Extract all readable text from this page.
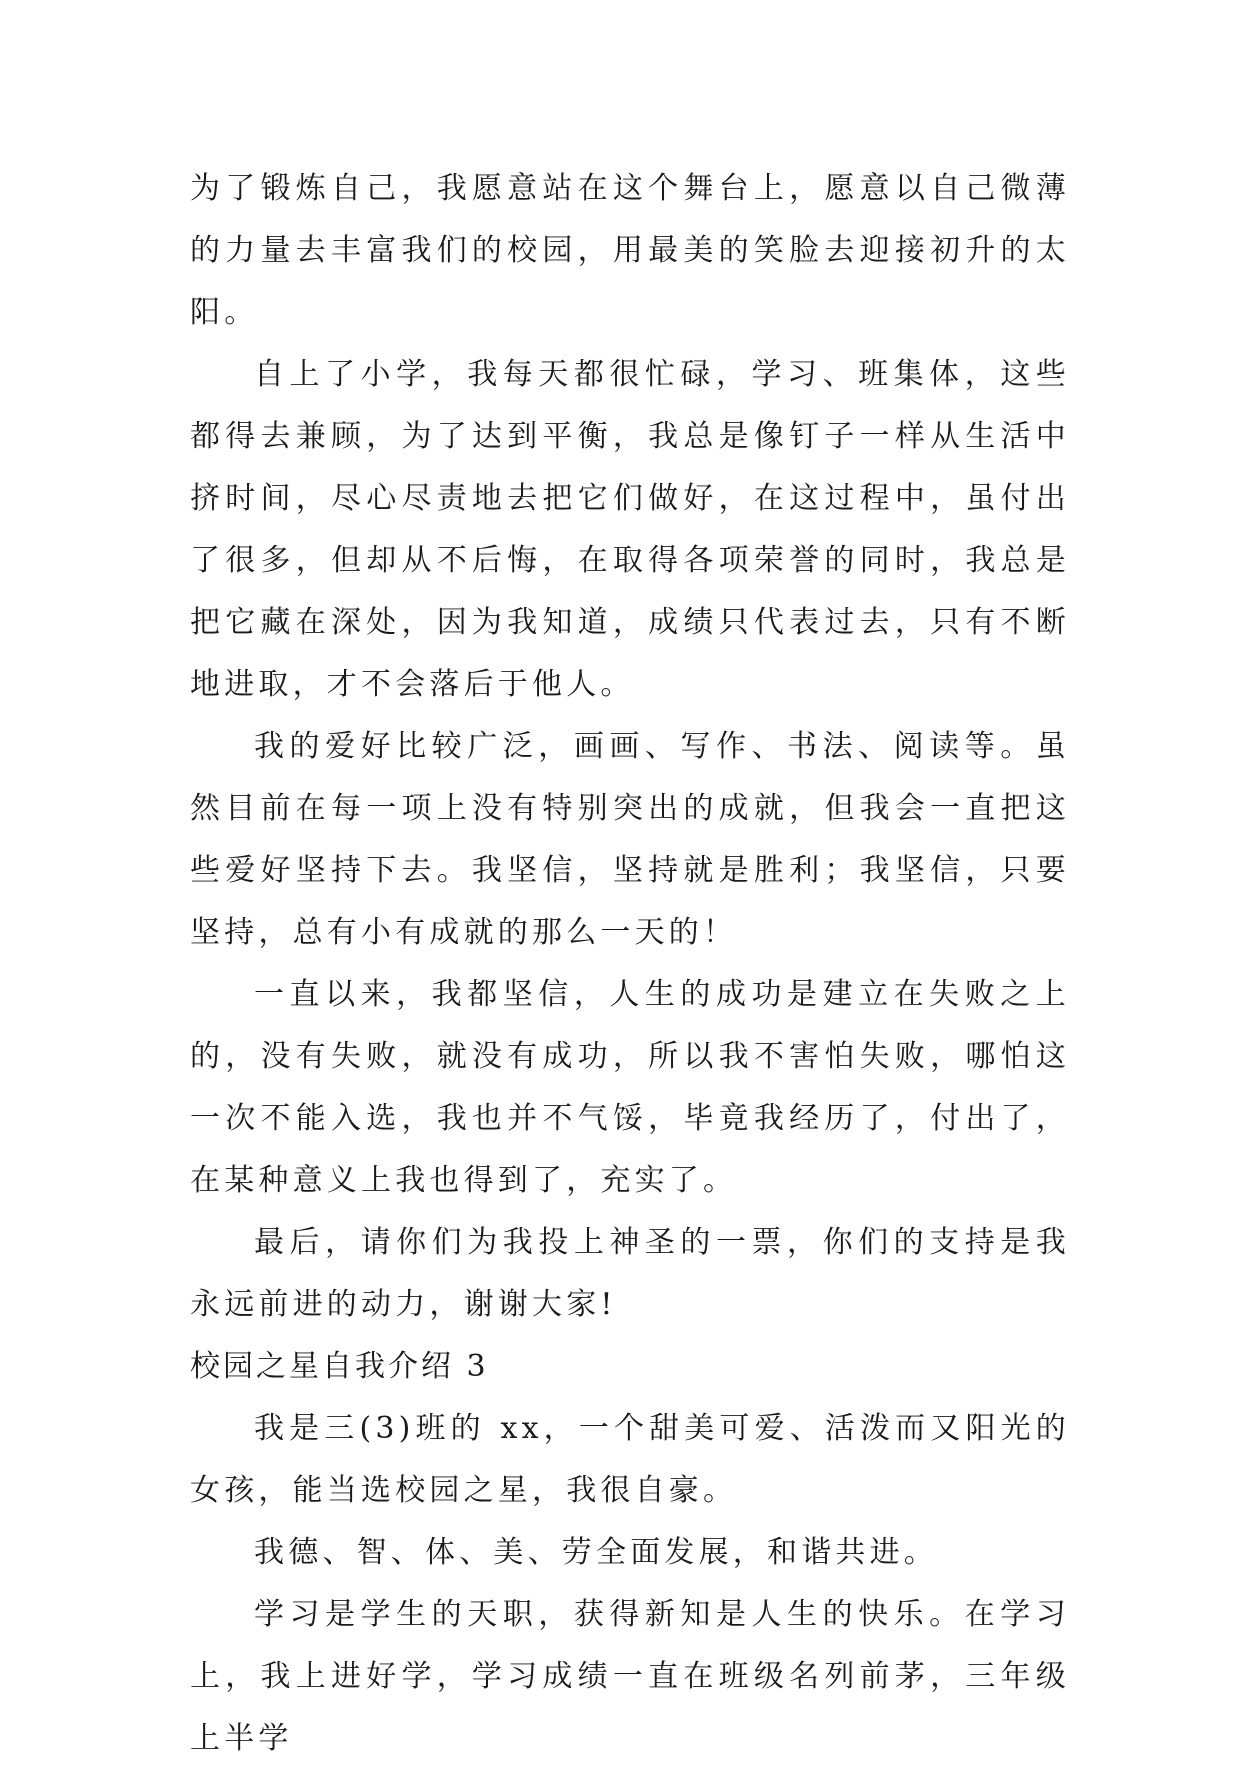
为了锻炼自己，我愿意站在这个舞台上，愿意以自己微薄的力量去丰富我们的校园，用最美的笑脸去迎接初升的太阳。

自上了小学，我每天都很忙碌，学习、班集体，这些都得去兼顾，为了达到平衡，我总是像钉子一样从生活中挤时间，尽心尽责地去把它们做好，在这过程中，虽付出了很多，但却从不后悔，在取得各项荣誉的同时，我总是把它藏在深处，因为我知道，成绩只代表过去，只有不断地进取，才不会落后于他人。

我的爱好比较广泛，画画、写作、书法、阅读等。虽然目前在每一项上没有特别突出的成就，但我会一直把这些爱好坚持下去。我坚信，坚持就是胜利；我坚信，只要坚持，总有小有成就的那么一天的！

一直以来，我都坚信，人生的成功是建立在失败之上的，没有失败，就没有成功，所以我不害怕失败，哪怕这一次不能入选，我也并不气馁，毕竟我经历了，付出了，在某种意义上我也得到了，充实了。

最后，请你们为我投上神圣的一票，你们的支持是我永远前进的动力，谢谢大家!

校园之星自我介绍 3

我是三(3)班的 xx，一个甜美可爱、活泼而又阳光的女孩，能当选校园之星，我很自豪。

我德、智、体、美、劳全面发展，和谐共进。

学习是学生的天职，获得新知是人生的快乐。在学习上，我上进好学，学习成绩一直在班级名列前茅，三年级上半学
